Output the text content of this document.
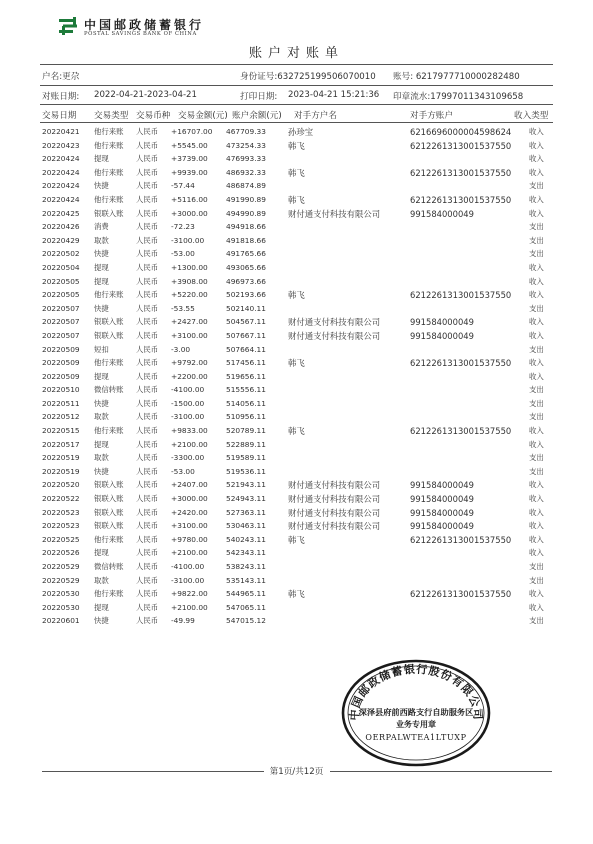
中国邮政储蓄银行
POSTAL SAVINGS BANK OF CHINA
账户对账单
户名:更尕	身份证号:632725199506070010 账号: 6217977710000282480
对账日期: 2022-04-21-2023-04-21	打印日期: 2023-04-21 15:21:36 印章流水:17997011343109658
交易日期 交易类型 交易币种 交易金额(元) 账户余额(元) 对手方户名	对手方账户	收入类型
20220421 他行来账 人民币 +16707.00 467709.33	孙珍宝	6216696000004598624 收入
20220423 他行来账 人民币 +5545.00 473254.33	韩飞	6212261313001537550 收入
20220424 提现	人民币 +3739.00 476993.33	收入
20220424 他行来账 人民币 +9939.00 486932.33	韩飞	6212261313001537550 收入
20220424 快捷	人民币 -57.44	486874.89	支出
20220424 他行来账 人民币 +5116.00 491990.89	韩飞	6212261313001537550 收入
20220425 银联入账 人民币 +3000.00 494990.89	财付通支付科技有限公司	991584000049	收入
20220426 消费	人民币 -72.23	494918.66	支出
20220429 取款	人民币 -3100.00	491818.66	支出
20220502 快捷	人民币 -53.00	491765.66	支出
20220504 提现	人民币 +1300.00 493065.66	收入
20220505 提现	人民币 +3908.00 496973.66	收入
20220505 他行来账 人民币 +5220.00 502193.66	韩飞	6212261313001537550 收入
20220507 快捷	人民币 -53.55	502140.11	支出
20220507 银联入账 人民币 +2427.00 504567.11	财付通支付科技有限公司	991584000049	收入
20220507 银联入账 人民币 +3100.00 507667.11	财付通支付科技有限公司	991584000049	收入
20220509 短扣	人民币 -3.00	507664.11	支出
20220509 他行来账 人民币 +9792.00 517456.11	韩飞	6212261313001537550 收入
20220509 提现	人民币 +2200.00 519656.11	收入
20220510 微信转账 人民币 -4100.00	515556.11	支出
20220511 快捷	人民币 -1500.00	514056.11	支出
20220512 取款	人民币 -3100.00	510956.11	支出
20220515 他行来账 人民币 +9833.00 520789.11	韩飞	6212261313001537550 收入
20220517 提现	人民币 +2100.00 522889.11	收入
20220519 取款	人民币 -3300.00	519589.11	支出
20220519 快捷	人民币 -53.00	519536.11	支出
20220520 银联入账 人民币 +2407.00 521943.11	财付通支付科技有限公司	991584000049	收入
20220522 银联入账 人民币 +3000.00 524943.11	财付通支付科技有限公司	991584000049	收入
20220523 银联入账 人民币 +2420.00 527363.11	财付通支付科技有限公司	991584000049	收入
20220523 银联入账 人民币 +3100.00 530463.11	财付通支付科技有限公司	991584000049	收入
20220525 他行来账 人民币 +9780.00 540243.11	韩飞	6212261313001537550 收入
20220526 提现	人民币 +2100.00 542343.11	收入
20220529 微信转账 人民币 -4100.00	538243.11	支出
20220529 取款	人民币 -3100.00	535143.11	支出
20220530 他行来账 人民币 +9822.00 544965.11	韩飞	6212261313001537550 收入
20220530 提现	人民币 +2100.00 547065.11	收入
20220601 快捷	人民币 -49.99	547015.12	支出
中国邮政储蓄银行股份有限公司
深泽县府前西路支行自助服务区
业务专用章
OERPALWTEA1LTUXP
第1页/共12页
